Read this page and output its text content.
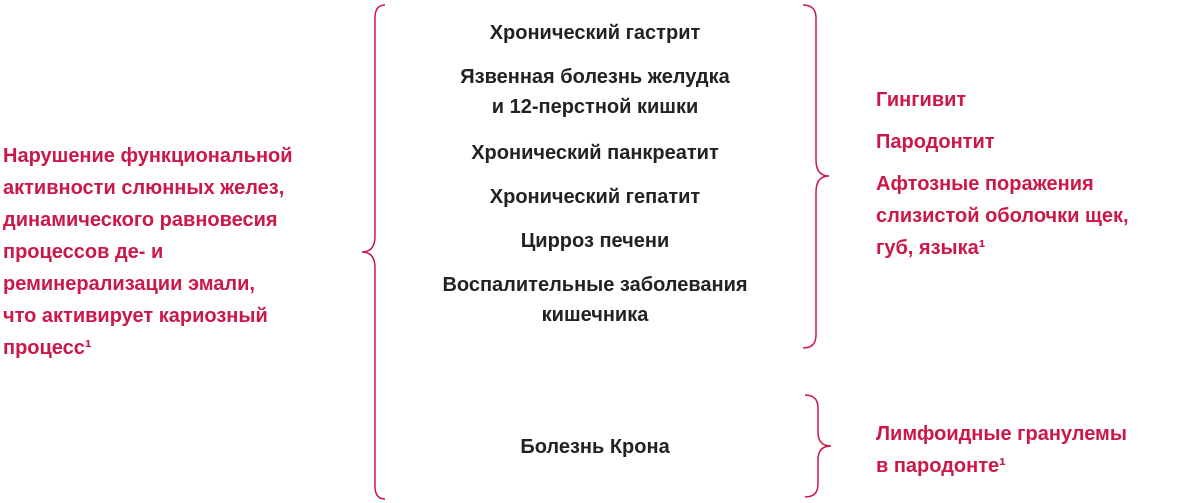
Нарушение функциональной
активности слюнных желез,
динамического равновесия
процессов де- и
реминерализации эмали,
что активирует кариозный
процесс¹
Хронический гастрит
Язвенная болезнь желудка
и 12-перстной кишки
Хронический панкреатит
Хронический гепатит
Цирроз печени
Воспалительные заболевания
кишечника
Гингивит
Пародонтит
Афтозные поражения
слизистой оболочки щек,
губ, языка¹
Болезнь Крона
Лимфоидные гранулемы
в пародонте¹
